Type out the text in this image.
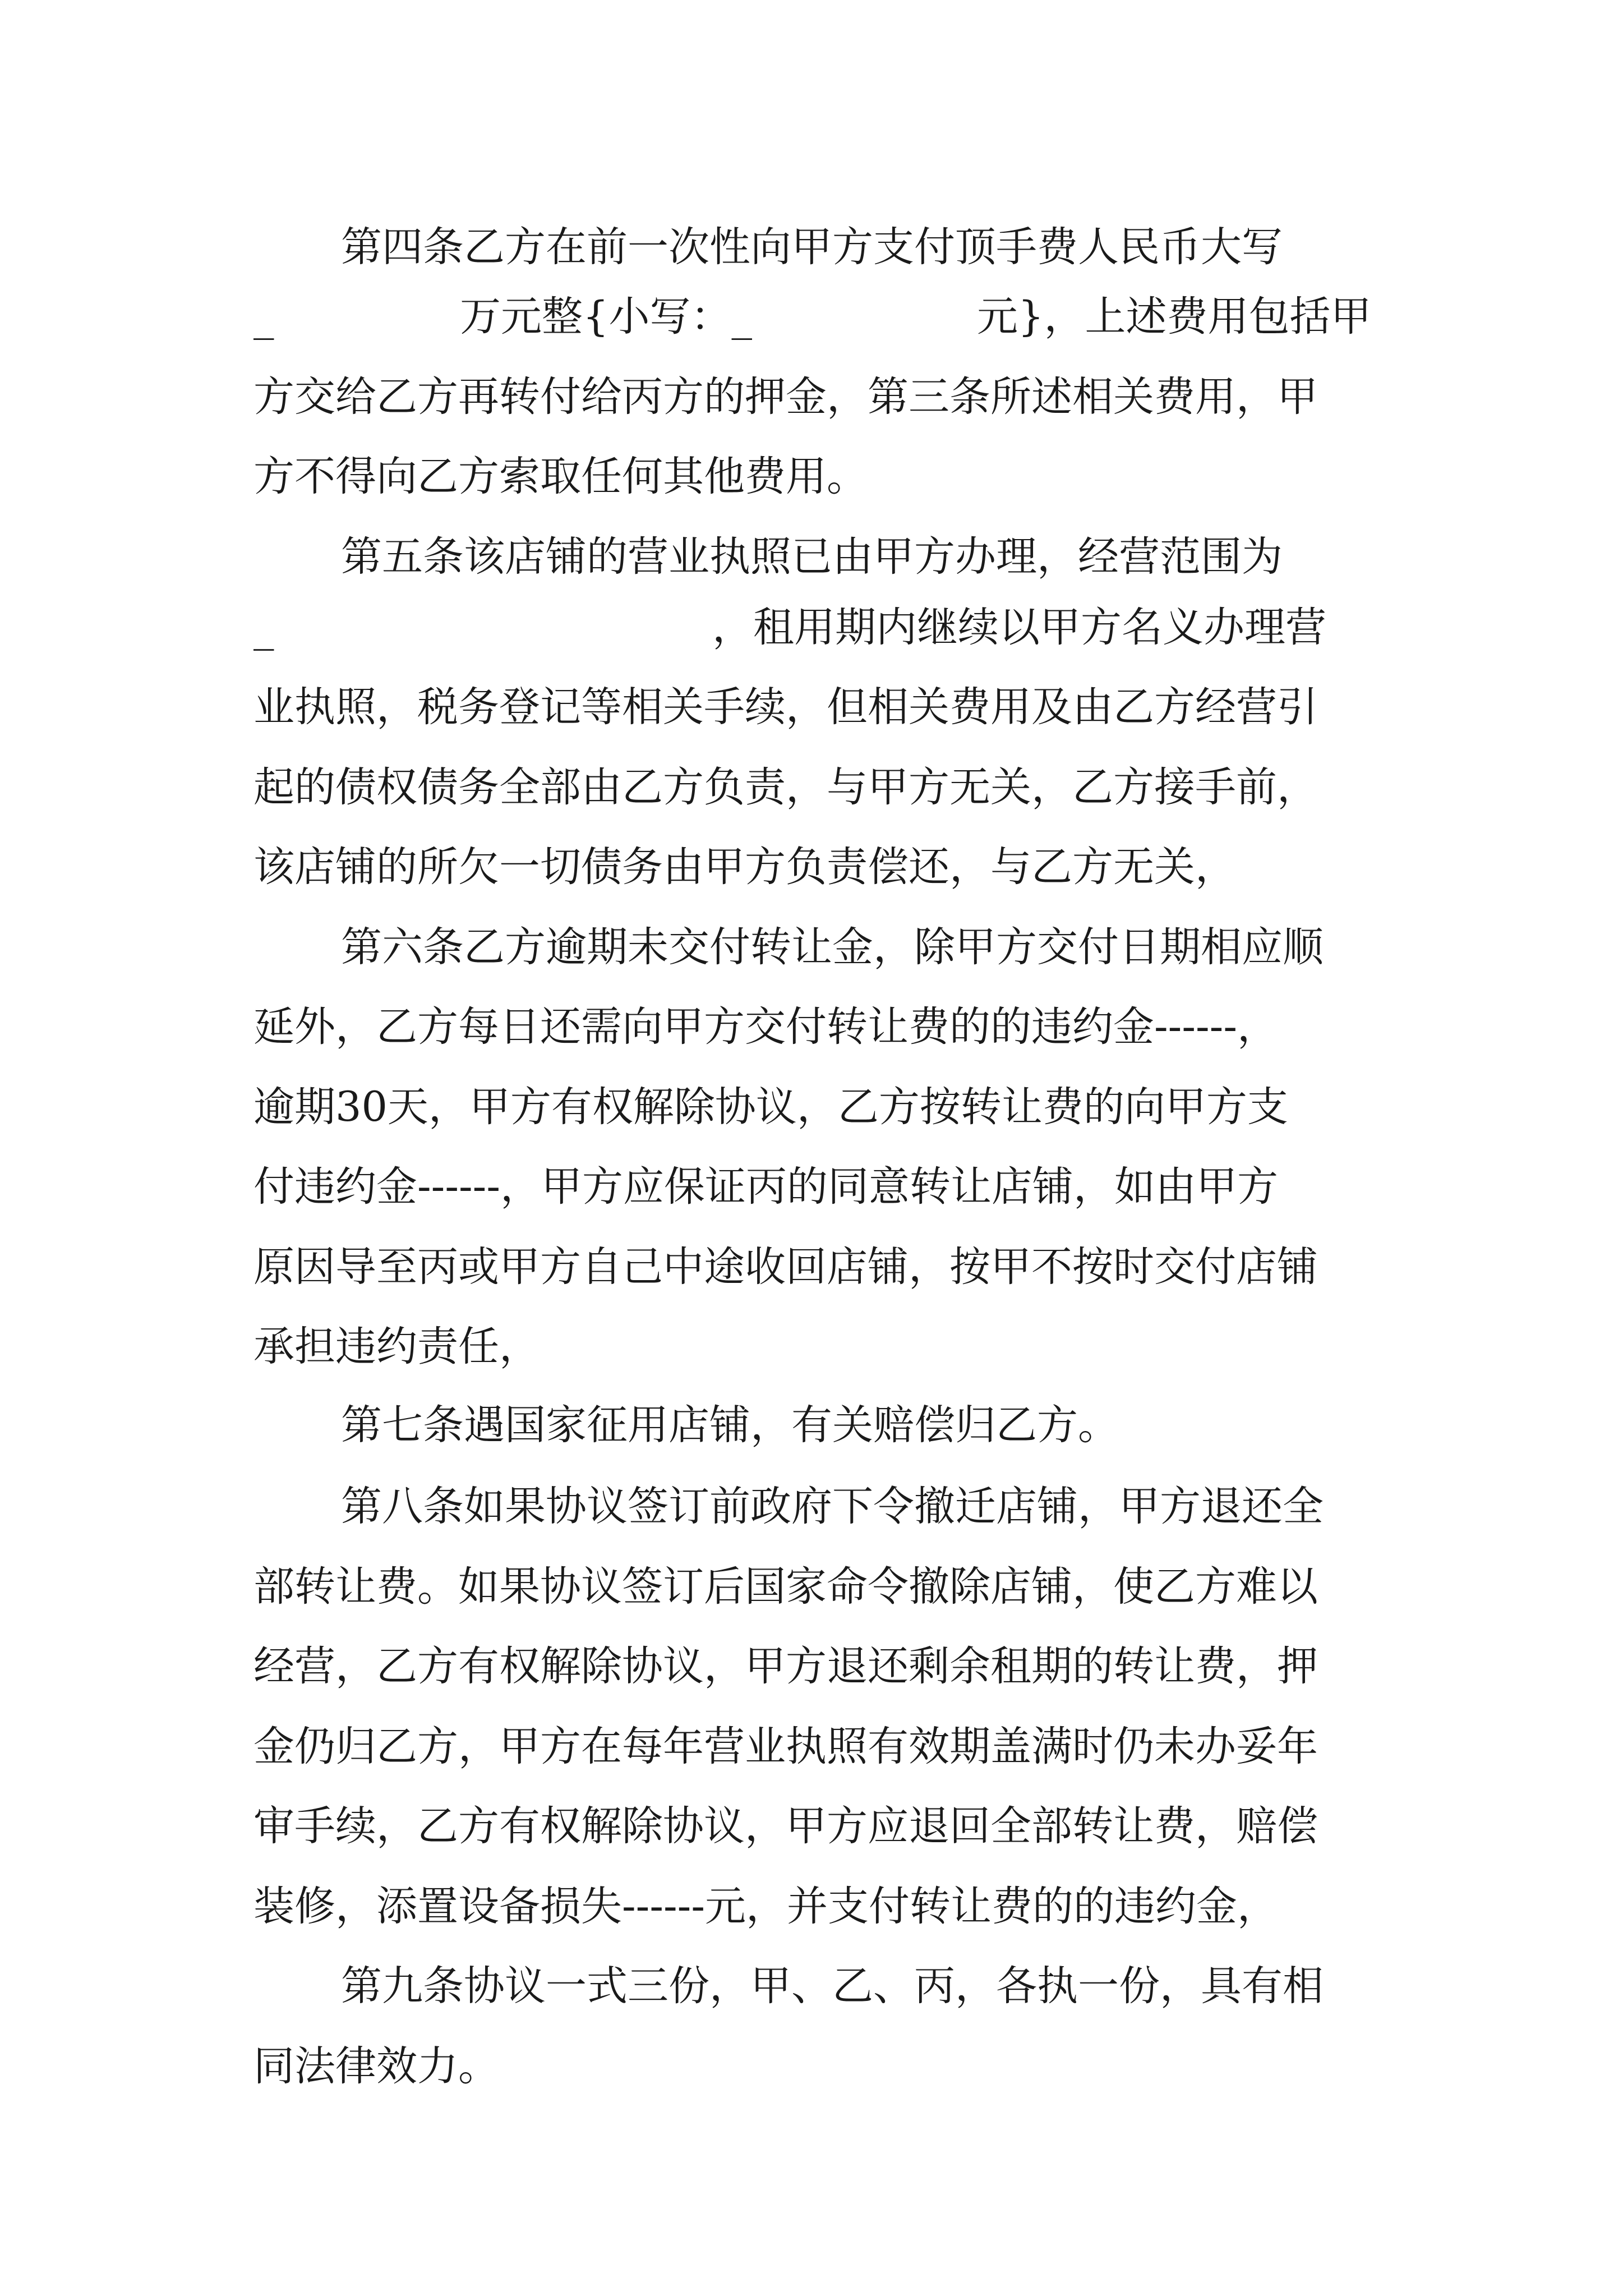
第四条乙方在前一次性向甲方支付顶手费人民币大写

_

	万元整{小写：_

	元}，上述费用包括甲

方交给乙方再转付给丙方的押金，第三条所述相关费用，甲

方不得向乙方索取任何其他费用。

第五条该店铺的营业执照已由甲方办理，经营范围为

_

	，租用期内继续以甲方名义办理营

业执照，税务登记等相关手续，但相关费用及由乙方经营引

起的债权债务全部由乙方负责，与甲方无关，乙方接手前，

该店铺的所欠一切债务由甲方负责偿还，与乙方无关，

第六条乙方逾期未交付转让金，除甲方交付日期相应顺

延外，乙方每日还需向甲方交付转让费的的违约金------，

逾期30天，甲方有权解除协议，乙方按转让费的向甲方支

付违约金------，甲方应保证丙的同意转让店铺，如由甲方

原因导至丙或甲方自己中途收回店铺，按甲不按时交付店铺

承担违约责任，

第七条遇国家征用店铺，有关赔偿归乙方。

第八条如果协议签订前政府下令撤迁店铺，甲方退还全

部转让费。如果协议签订后国家命令撤除店铺，使乙方难以

经营，乙方有权解除协议，甲方退还剩余租期的转让费，押

金仍归乙方，甲方在每年营业执照有效期盖满时仍未办妥年

审手续，乙方有权解除协议，甲方应退回全部转让费，赔偿

装修，添置设备损失------元，并支付转让费的的违约金，

第九条协议一式三份，甲、乙、丙，各执一份，具有相

同法律效力。
